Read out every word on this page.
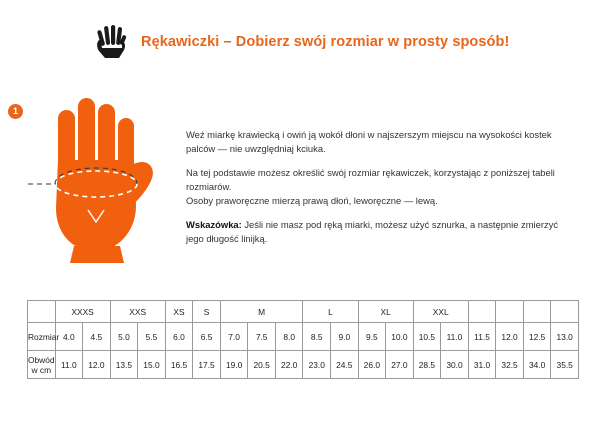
Rękawiczki – Dobierz swój rozmiar w prosty sposób!
1

Weź miarkę krawiecką i owiń ją wokół dłoni w najszerszym miejscu na wysokości kostek palców — nie uwzględniaj kciuka.

Na tej podstawie możesz określić swój rozmiar rękawiczek, korzystając z poniższej tabeli rozmiarów.

Osoby praworęczne mierzą prawą dłoń, leworęczne — lewą.

Wskazówka: Jeśli nie masz pod ręką miarki, możesz użyć sznurka, a następnie zmierzyć jego długość linijką.

	XXXS		XXS		XS	S	M			L		XL		XXL					
Rozmiar	4.0	4.5	5.0	5.5	6.0	6.5	7.0	7.5	8.0	8.5	9.0	9.5	10.0	10.5	11.0	11.5	12.0	12.5	13.0
Obwód w cm	11.0	12.0	13.5	15.0	16.5	17.5	19.0	20.5	22.0	23.0	24.5	26.0	27.0	28.5	30.0	31.0	32.5	34.0	35.5
